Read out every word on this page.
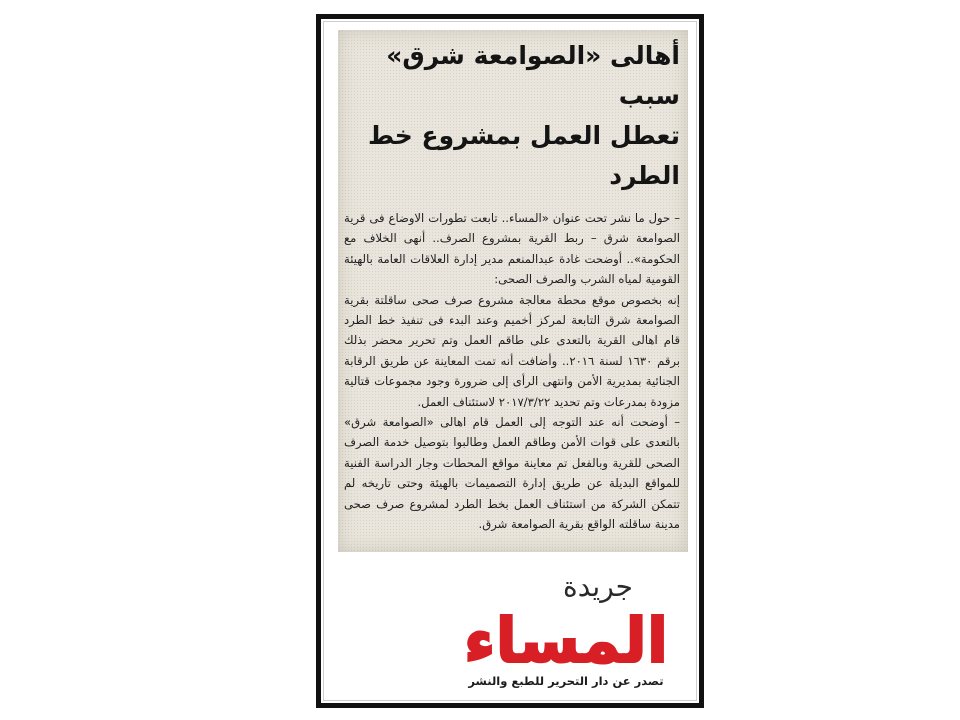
أهالى «الصوامعة شرق» سبب
تعطل العمل بمشروع خط الطرد

– حول ما نشر تحت عنوان «المساء.. تابعت تطورات الاوضاع فى قرية الصوامعة شرق – ربط القرية بمشروع الصرف.. أنهى الخلاف مع الحكومة».. أوضحت غادة عبدالمنعم مدير إدارة العلاقات العامة بالهيئة القومية لمياه الشرب والصرف الصحى:

إنه بخصوص موقع محطة معالجة مشروع صرف صحى ساقلتة بقرية الصوامعة شرق التابعة لمركز أخميم وعند البدء فى تنفيذ خط الطرد قام اهالى القرية بالتعدى على طاقم العمل وتم تحرير محضر بذلك برقم ١٦٣٠ لسنة ٢٠١٦.. وأضافت أنه تمت المعاينة عن طريق الرقابة الجنائية بمديرية الأمن وانتهى الرأى إلى ضرورة وجود مجموعات قتالية مزودة بمدرعات وتم تحديد ٢٠١٧/٣/٢٢ لاستئناف العمل.

– أوضحت أنه عند التوجه إلى العمل قام اهالى «الصوامعة شرق» بالتعدى على قوات الأمن وطاقم العمل وطالبوا بتوصيل خدمة الصرف الصحى للقرية وبالفعل تم معاينة مواقع المحطات وجار الدراسة الفنية للمواقع البديلة عن طريق إدارة التصميمات بالهيئة وحتى تاريخه لم تتمكن الشركة من استئناف العمل بخط الطرد لمشروع صرف صحى مدينة ساقلته الواقع بقرية الصوامعة شرق.

جريدة
المساء
تصدر عن دار التحرير للطبع والنشر
